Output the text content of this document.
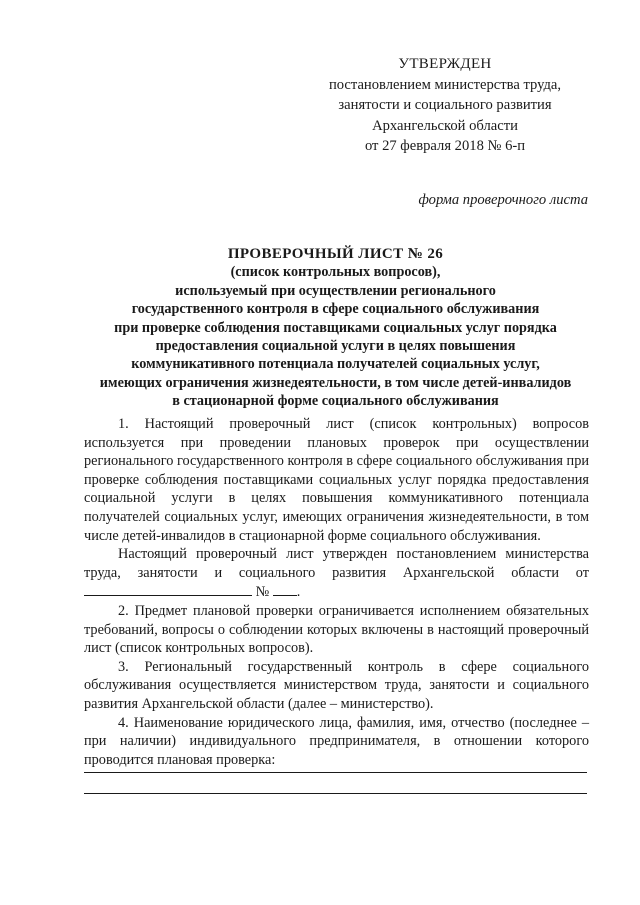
УТВЕРЖДЕН
постановлением министерства труда,
занятости и социального развития
Архангельской области
от 27 февраля 2018 № 6-п
форма проверочного листа
ПРОВЕРОЧНЫЙ ЛИСТ № 26
(список контрольных вопросов),
используемый при осуществлении регионального
государственного контроля в сфере социального обслуживания
при проверке соблюдения поставщиками социальных услуг порядка
предоставления социальной услуги в целях повышения
коммуникативного потенциала получателей социальных услуг,
имеющих ограничения жизнедеятельности, в том числе детей-инвалидов
в стационарной форме социального обслуживания

1. Настоящий проверочный лист (список контрольных) вопросов используется при проведении плановых проверок при осуществлении регионального государственного контроля в сфере социального обслуживания при проверке соблюдения поставщиками социальных услуг порядка предоставления социальной услуги в целях повышения коммуникативного потенциала получателей социальных услуг, имеющих ограничения жизнедеятельности, в том числе детей-инвалидов в стационарной форме социального обслуживания.

Настоящий проверочный лист утвержден постановлением министерства труда, занятости и социального развития Архангельской области от  № .

2. Предмет плановой проверки ограничивается исполнением обязательных требований, вопросы о соблюдении которых включены в настоящий проверочный лист (список контрольных вопросов).

3. Региональный государственный контроль в сфере социального обслуживания осуществляется министерством труда, занятости и социального развития Архангельской области (далее – министерство).

4. Наименование юридического лица, фамилия, имя, отчество (последнее – при наличии) индивидуального предпринимателя, в отношении которого проводится плановая проверка:
